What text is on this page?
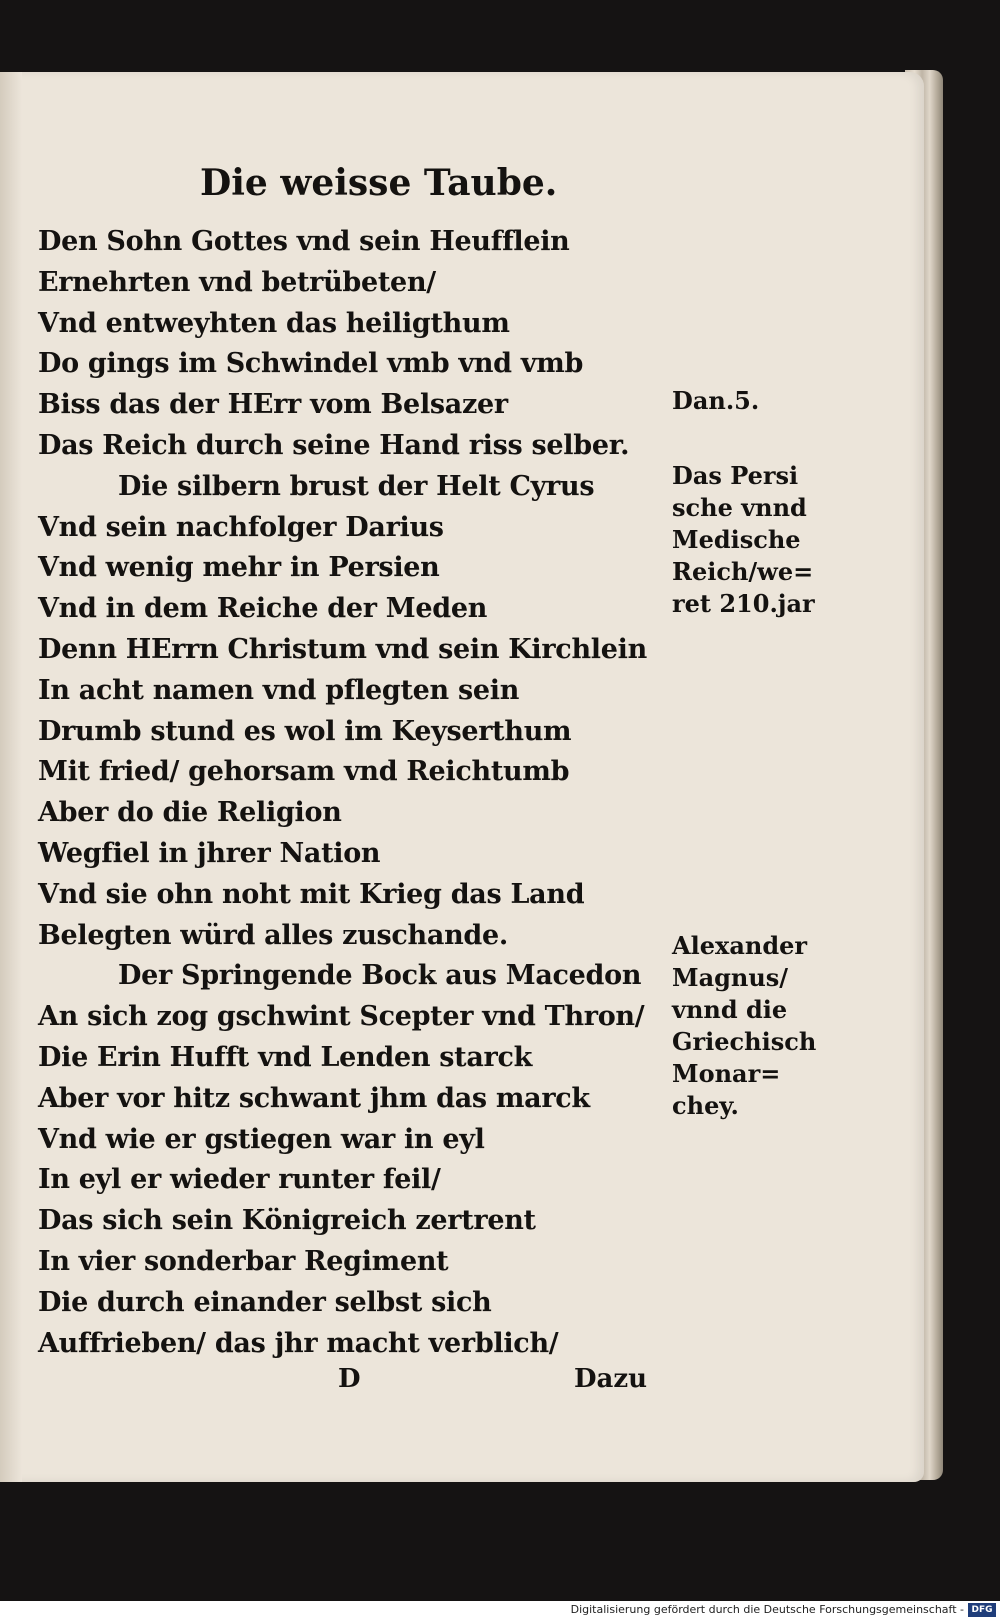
Die weisse Taube.
Den Sohn Gottes vnd sein Heufflein
Ernehrten vnd betrübeten/
Vnd entweyhten das heiligthum
Do gings im Schwindel vmb vnd vmb
Biss das der HErr vom Belsazer
Das Reich durch seine Hand riss selber.
Die silbern brust der Helt Cyrus
Vnd sein nachfolger Darius
Vnd wenig mehr in Persien
Vnd in dem Reiche der Meden
Denn HErrn Christum vnd sein Kirchlein
In acht namen vnd pflegten sein
Drumb stund es wol im Keyserthum
Mit fried/ gehorsam vnd Reichtumb
Aber do die Religion
Wegfiel in jhrer Nation
Vnd sie ohn noht mit Krieg das Land
Belegten würd alles zuschande.
Der Springende Bock aus Macedon
An sich zog gschwint Scepter vnd Thron/
Die Erin Hufft vnd Lenden starck
Aber vor hitz schwant jhm das marck
Vnd wie er gstiegen war in eyl
In eyl er wieder runter feil/
Das sich sein Königreich zertrent
In vier sonderbar Regiment
Die durch einander selbst sich
Auffrieben/ das jhr macht verblich/
Dan.5.
Das Persi
sche vnnd
Medische
Reich/we=
ret 210.jar
Alexander
Magnus/
vnnd die
Griechisch
Monar=
chey.
D	Dazu
Digitalisierung gefördert durch die Deutsche Forschungsgemeinschaft - DFG
